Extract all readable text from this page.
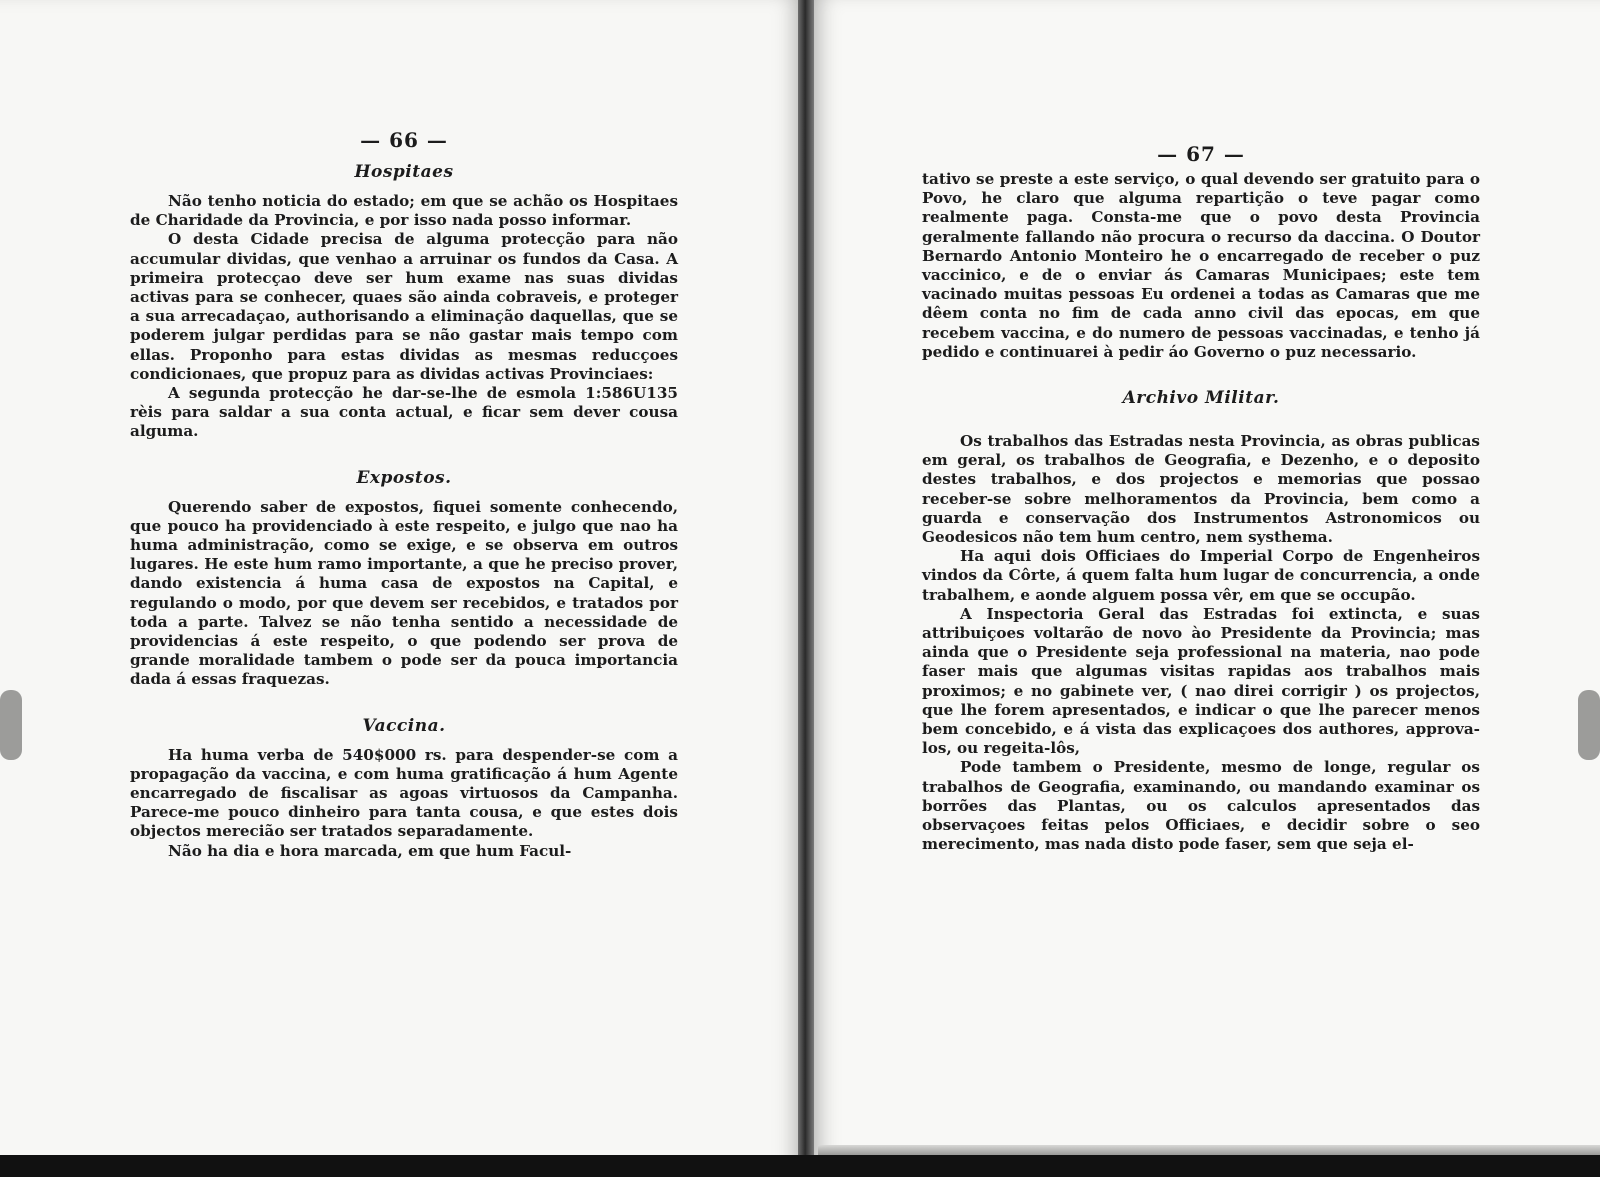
— 66 —
Hospitaes

Não tenho noticia do estado; em que se achão os Hospitaes de Charidade da Provincia, e por isso nada posso informar.

O desta Cidade precisa de alguma protecção para não accumular dividas, que venhao a arruinar os fundos da Casa. A primeira protecçao deve ser hum exame nas suas dividas activas para se conhecer, quaes são ainda cobraveis, e proteger a sua arrecadaçao, authorisando a eliminação daquellas, que se poderem julgar perdidas para se não gastar mais tempo com ellas. Proponho para estas dividas as mesmas reducçoes condicionaes, que propuz para as dividas activas Provinciaes:

A segunda protecção he dar-se-lhe de esmola 1:586U135 rèis para saldar a sua conta actual, e ficar sem dever cousa alguma.

Expostos.

Querendo saber de expostos, fiquei somente conhecendo, que pouco ha providenciado à este respeito, e julgo que nao ha huma administração, como se exige, e se observa em outros lugares. He este hum ramo importante, a que he preciso prover, dando existencia á huma casa de expostos na Capital, e regulando o modo, por que devem ser recebidos, e tratados por toda a parte. Talvez se não tenha sentido a necessidade de providencias á este respeito, o que podendo ser prova de grande moralidade tambem o pode ser da pouca importancia dada á essas fraquezas.

Vaccina.

Ha huma verba de 540$000 rs. para despender-se com a propagação da vaccina, e com huma gratificação á hum Agente encarregado de fiscalisar as agoas virtuosos da Campanha. Parece-me pouco dinheiro para tanta cousa, e que estes dois objectos merecião ser tratados separadamente.

Não ha dia e hora marcada, em que hum Facul-

— 67 —

tativo se preste a este serviço, o qual devendo ser gratuito para o Povo, he claro que alguma repartição o teve pagar como realmente paga. Consta-me que o povo desta Provincia geralmente fallando não procura o recurso da daccina. O Doutor Bernardo Antonio Monteiro he o encarregado de receber o puz vaccinico, e de o enviar ás Camaras Municipaes; este tem vacinado muitas pessoas Eu ordenei a todas as Camaras que me dêem conta no fim de cada anno civil das epocas, em que recebem vaccina, e do numero de pessoas vaccinadas, e tenho já pedido e continuarei à pedir áo Governo o puz necessario.

Archivo Militar.

Os trabalhos das Estradas nesta Provincia, as obras publicas em geral, os trabalhos de Geografia, e Dezenho, e o deposito destes trabalhos, e dos projectos e memorias que possao receber-se sobre melhoramentos da Provincia, bem como a guarda e conservação dos Instrumentos Astronomicos ou Geodesicos não tem hum centro, nem systhema.

Ha aqui dois Officiaes do Imperial Corpo de Engenheiros vindos da Côrte, á quem falta hum lugar de concurrencia, a onde trabalhem, e aonde alguem possa vêr, em que se occupão.

A Inspectoria Geral das Estradas foi extincta, e suas attribuiçoes voltarão de novo ào Presidente da Provincia; mas ainda que o Presidente seja professional na materia, nao pode faser mais que algumas visitas rapidas aos trabalhos mais proximos; e no gabinete ver, ( nao direi corrigir ) os projectos, que lhe forem apresentados, e indicar o que lhe parecer menos bem concebido, e á vista das explicaçoes dos authores, approva-los, ou regeita-lôs,

Pode tambem o Presidente, mesmo de longe, regular os trabalhos de Geografia, examinando, ou mandando examinar os borrões das Plantas, ou os calculos apresentados das observaçoes feitas pelos Officiaes, e decidir sobre o seo merecimento, mas nada disto pode faser, sem que seja el-
